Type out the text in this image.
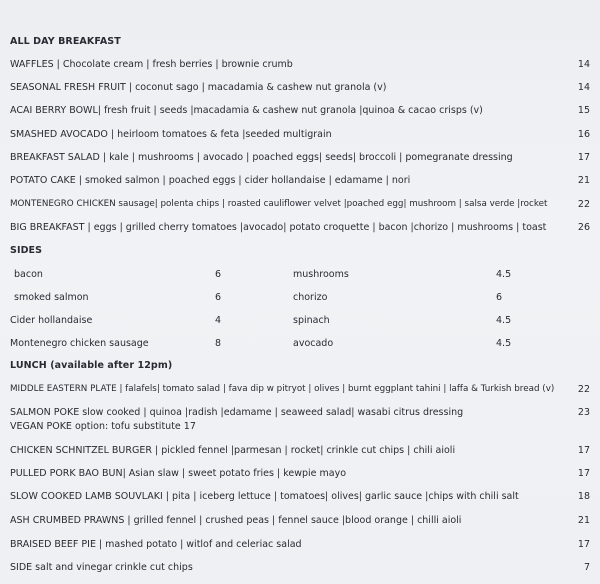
ALL DAY BREAKFAST
WAFFLES | Chocolate cream | fresh berries | brownie crumb	14
SEASONAL FRESH FRUIT | coconut sago | macadamia & cashew nut granola (v)	14
ACAI BERRY BOWL| fresh fruit | seeds |macadamia & cashew nut granola |quinoa & cacao crisps (v)	15
SMASHED AVOCADO | heirloom tomatoes & feta |seeded multigrain	16
BREAKFAST SALAD | kale | mushrooms | avocado | poached eggs| seeds| broccoli | pomegranate dressing	17
POTATO CAKE | smoked salmon | poached eggs | cider hollandaise | edamame | nori	21
MONTENEGRO CHICKEN sausage| polenta chips | roasted cauliflower velvet |poached egg| mushroom | salsa verde |rocket	22
BIG BREAKFAST | eggs | grilled cherry tomatoes |avocado| potato croquette | bacon |chorizo | mushrooms | toast	26
SIDES
bacon	6	mushrooms	4.5
smoked salmon	6	chorizo	6
Cider hollandaise	4	spinach	4.5
Montenegro chicken sausage	8	avocado	4.5
LUNCH (available after 12pm)
MIDDLE EASTERN PLATE | falafels| tomato salad | fava dip w pitryot | olives | burnt eggplant tahini | laffa & Turkish bread (v)	22
SALMON POKE slow cooked | quinoa |radish |edamame | seaweed salad| wasabi citrus dressing	23
VEGAN POKE option: tofu substitute 17
CHICKEN SCHNITZEL BURGER | pickled fennel |parmesan | rocket| crinkle cut chips | chili aioli	17
PULLED PORK BAO BUN| Asian slaw | sweet potato fries | kewpie mayo	17
SLOW COOKED LAMB SOUVLAKI | pita | iceberg lettuce | tomatoes| olives| garlic sauce |chips with chili salt	18
ASH CRUMBED PRAWNS | grilled fennel | crushed peas | fennel sauce |blood orange | chilli aioli	21
BRAISED BEEF PIE | mashed potato | witlof and celeriac salad	17
SIDE salt and vinegar crinkle cut chips	7
